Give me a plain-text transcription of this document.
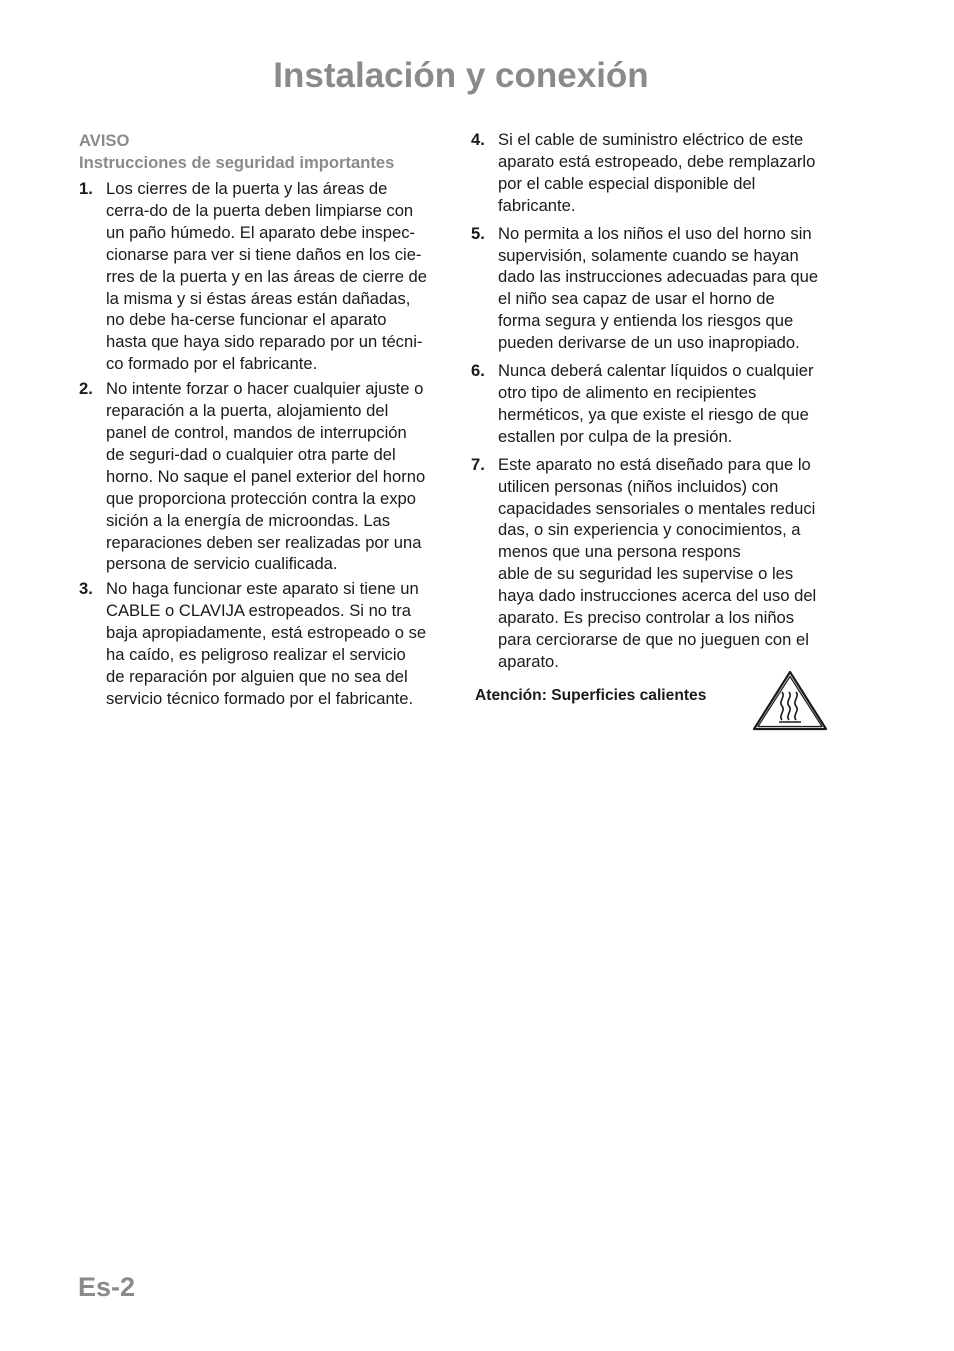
Instalación y conexión
AVISO
Instrucciones de seguridad importantes
1. Los cierres de la puerta y las áreas de
cerra-do de la puerta deben limpiarse con
un paño húmedo. El aparato debe inspec-
cionarse para ver si tiene daños en los cie-
rres de la puerta y en las áreas de cierre de
la misma y si éstas áreas están dañadas,
no debe ha-cerse funcionar el aparato
hasta que haya sido reparado por un técni-
co formado por el fabricante.
2. No intente forzar o hacer cualquier ajuste o
reparación a la puerta, alojamiento del
panel de control, mandos de interrupción
de seguri-dad o cualquier otra parte del
horno. No saque el panel exterior del horno
que proporciona protección contra la expo
sición a la energía de microondas. Las
reparaciones deben ser realizadas por una
persona de servicio cualificada.
3. No haga funcionar este aparato si tiene un
CABLE o CLAVIJA estropeados. Si no tra
baja apropiadamente, está estropeado o se
ha caído, es peligroso realizar el servicio
de reparación por alguien que no sea del
servicio técnico formado por el fabricante.
4. Si el cable de suministro eléctrico de este
aparato está estropeado, debe remplazarlo
por el cable especial disponible del
fabricante.
5. No permita a los niños el uso del horno sin
supervisión, solamente cuando se hayan
dado las instrucciones adecuadas para que
el niño sea capaz de usar el horno de
forma segura y entienda los riesgos que
pueden derivarse de un uso inapropiado.
6. Nunca deberá calentar líquidos o cualquier
otro tipo de alimento en recipientes
herméticos, ya que existe el riesgo de que
estallen por culpa de la presión.
7. Este aparato no está diseñado para que lo
utilicen personas (niños incluidos) con
capacidades sensoriales o mentales reduci
das, o sin experiencia y conocimientos, a
menos que una persona respons
able de su seguridad les supervise o les
haya dado instrucciones acerca del uso del
aparato. Es preciso controlar a los niños
para cerciorarse de que no jueguen con el
aparato.
Atención: Superficies calientes
Es-2
